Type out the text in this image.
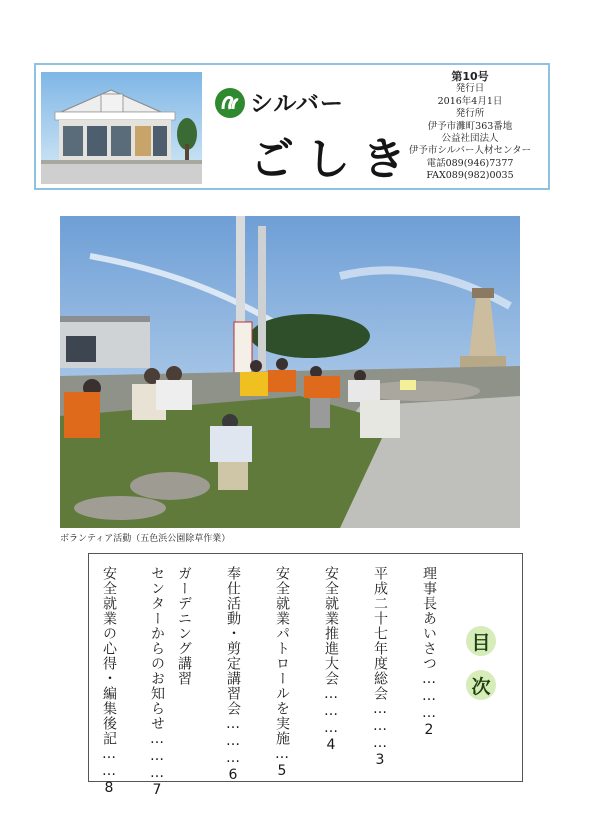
シルバー
ごしき
第10号
発行日
2016年4月1日
発行所
伊予市灘町363番地
公益社団法人
伊予市シルバー人材センター
電話089(946)7377
FAX089(982)0035
ボランティア活動（五色浜公園除草作業）
目
次
理事長あいさつ………2
平成二十七年度総会………3
安全就業推進大会………4
安全就業パトロールを実施…5
奉仕活動・剪定講習会………6
ガーデニング講習
センターからのお知らせ………7
安全就業の心得・編集後記……8
